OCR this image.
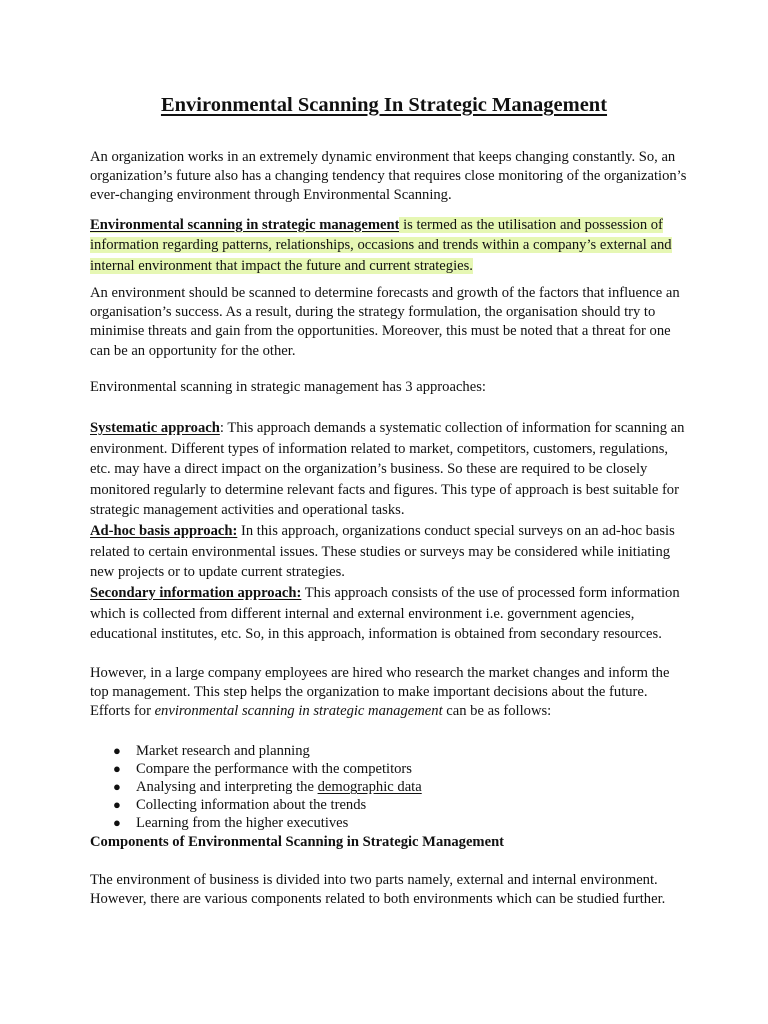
Environmental Scanning In Strategic Management

An organization works in an extremely dynamic environment that keeps changing constantly. So, an organization’s future also has a changing tendency that requires close monitoring of the organization’s ever-changing environment through Environmental Scanning.

Environmental scanning in strategic management is termed as the utilisation and possession of information regarding patterns, relationships, occasions and trends within a company’s external and internal environment that impact the future and current strategies.

An environment should be scanned to determine forecasts and growth of the factors that influence an organisation’s success. As a result, during the strategy formulation, the organisation should try to minimise threats and gain from the opportunities. Moreover, this must be noted that a threat for one can be an opportunity for the other.

Environmental scanning in strategic management has 3 approaches:

Systematic approach: This approach demands a systematic collection of information for scanning an environment. Different types of information related to market, competitors, customers, regulations, etc. may have a direct impact on the organization’s business. So these are required to be closely monitored regularly to determine relevant facts and figures. This type of approach is best suitable for strategic management activities and operational tasks.

Ad-hoc basis approach: In this approach, organizations conduct special surveys on an ad-hoc basis related to certain environmental issues. These studies or surveys may be considered while initiating new projects or to update current strategies.

Secondary information approach: This approach consists of the use of processed form information which is collected from different internal and external environment i.e. government agencies, educational institutes, etc. So, in this approach, information is obtained from secondary resources.

However, in a large company employees are hired who research the market changes and inform the top management. This step helps the organization to make important decisions about the future. Efforts for environmental scanning in strategic management can be as follows:

● Market research and planning
● Compare the performance with the competitors
● Analysing and interpreting the demographic data
● Collecting information about the trends
● Learning from the higher executives

Components of Environmental Scanning in Strategic Management

The environment of business is divided into two parts namely, external and internal environment. However, there are various components related to both environments which can be studied further.
